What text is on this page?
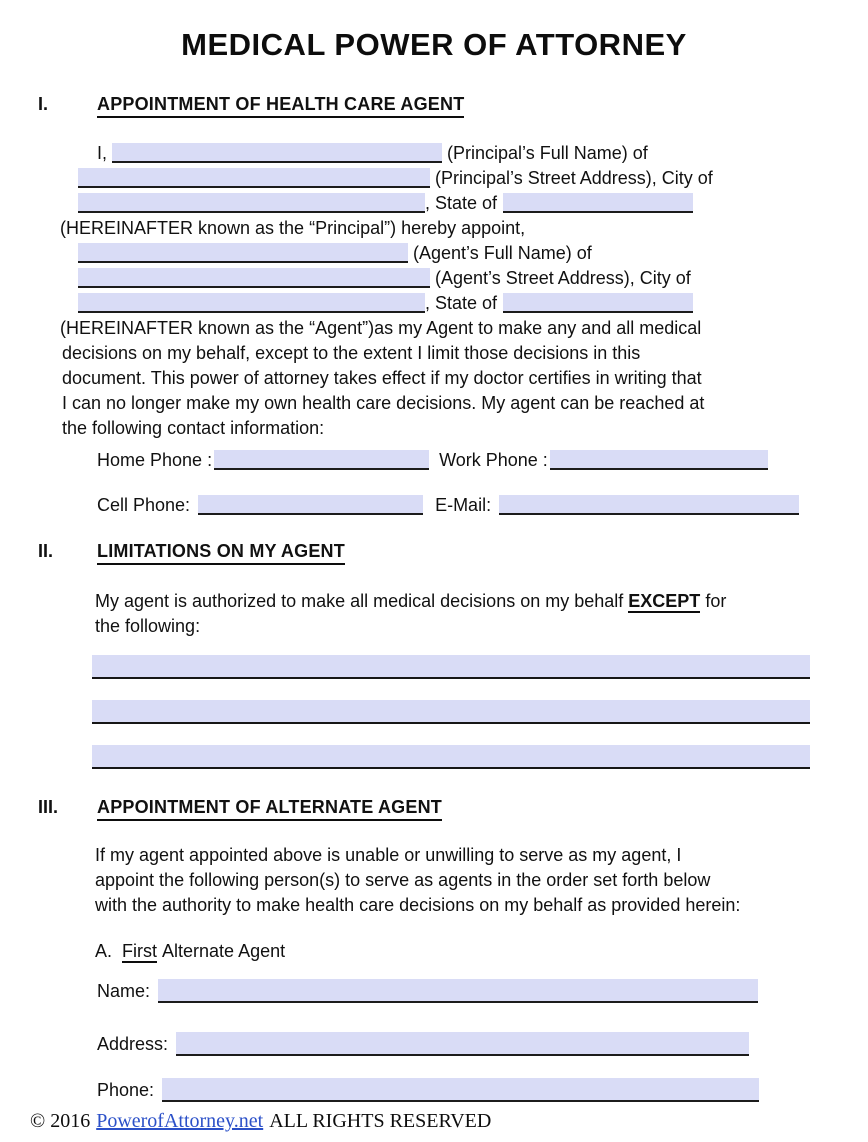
MEDICAL POWER OF ATTORNEY
I.	APPOINTMENT OF HEALTH CARE AGENT
I,	(Principal’s Full Name) of
(Principal’s Street Address), City of
, State of
(HEREINAFTER known as the “Principal”) hereby appoint,
(Agent’s Full Name) of
(Agent’s Street Address), City of
, State of
(HEREINAFTER known as the “Agent”)as my Agent to make any and all medical
decisions on my behalf, except to the extent I limit those decisions in this
document. This power of attorney takes effect if my doctor certifies in writing that
I can no longer make my own health care decisions. My agent can be reached at
the following contact information:
Home Phone :	Work Phone :
Cell Phone:	E-Mail:
II.	LIMITATIONS ON MY AGENT
My agent is authorized to make all medical decisions on my behalf EXCEPT for
the following:
III.	APPOINTMENT OF ALTERNATE AGENT
If my agent appointed above is unable or unwilling to serve as my agent, I
appoint the following person(s) to serve as agents in the order set forth below
with the authority to make health care decisions on my behalf as provided herein:
A. First Alternate Agent
Name:
Address:
Phone:
© 2016 PowerofAttorney.net ALL RIGHTS RESERVED
